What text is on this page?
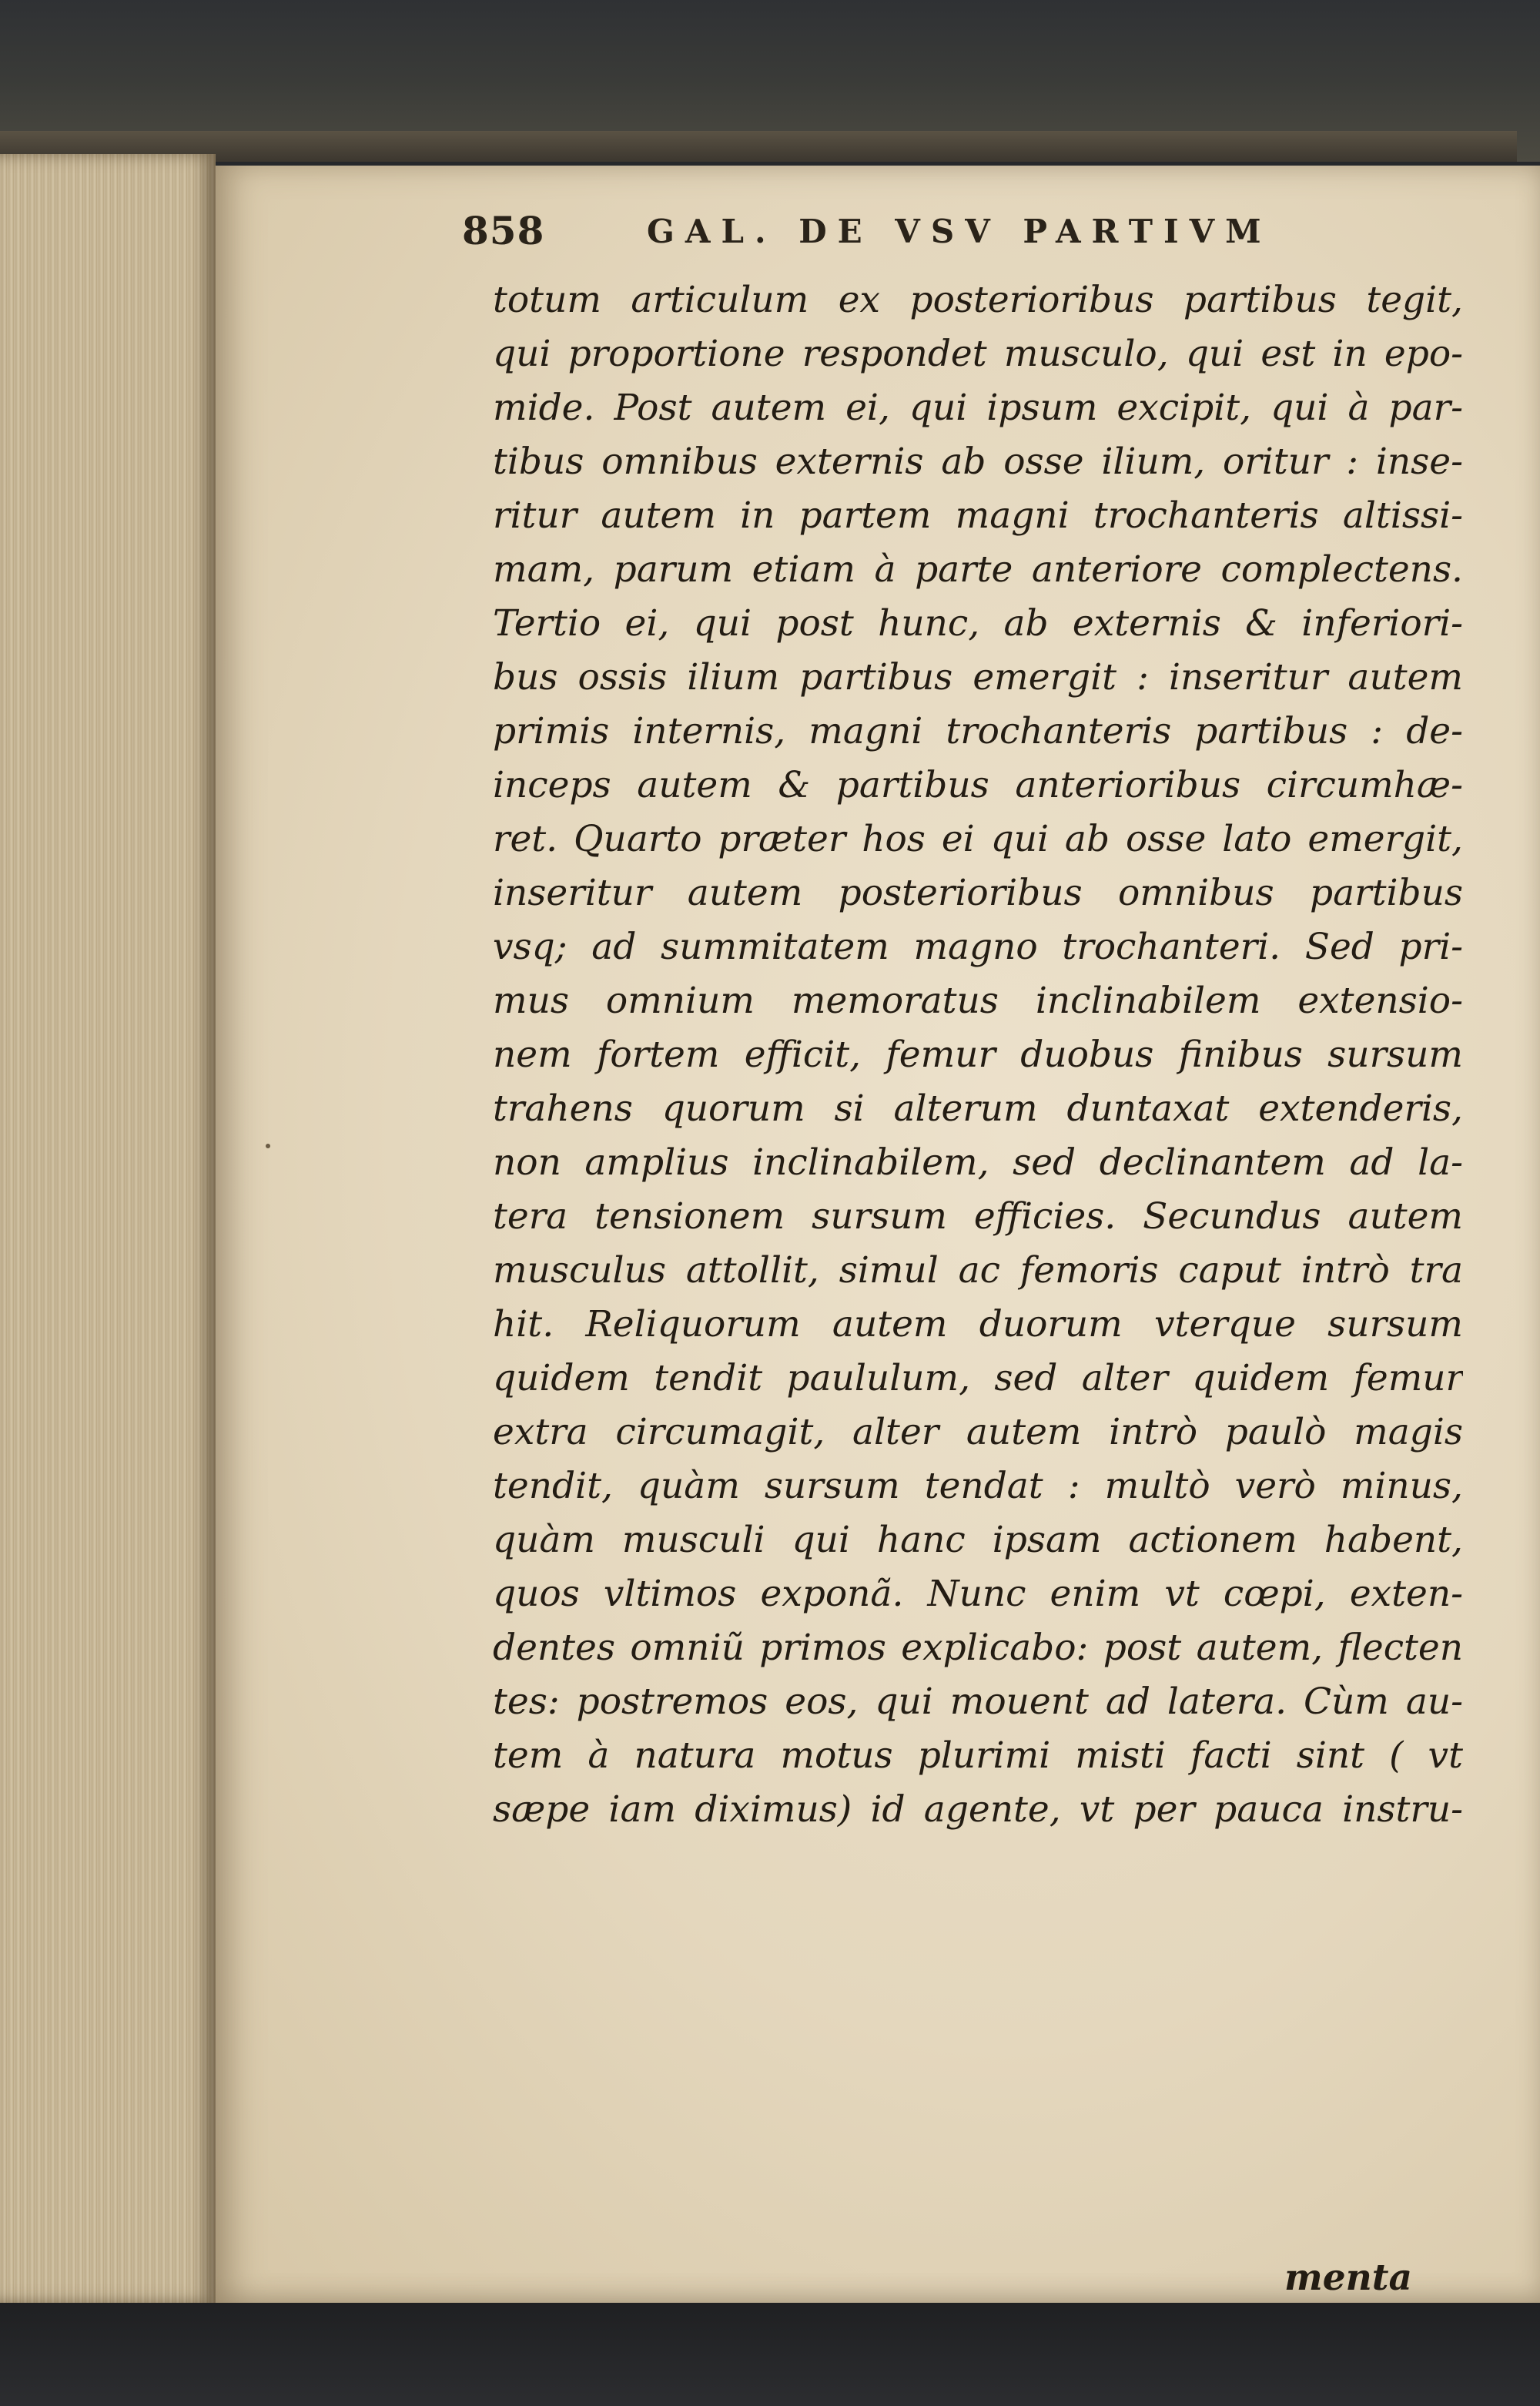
858	GAL. DE VSV PARTIVM
totum articulum ex posterioribus partibus tegit,
qui proportione respondet musculo, qui est in epo-
mide. Post autem ei, qui ipsum excipit, qui à par-
tibus omnibus externis ab osse ilium, oritur : inse-
ritur autem in partem magni trochanteris altissi-
mam, parum etiam à parte anteriore complectens.
Tertio ei, qui post hunc, ab externis & inferiori-
bus ossis ilium partibus emergit : inseritur autem
primis internis, magni trochanteris partibus : de-
inceps autem & partibus anterioribus circumhæ-
ret. Quarto præter hos ei qui ab osse lato emergit,
inseritur autem posterioribus omnibus partibus
vsq; ad summitatem magno trochanteri. Sed pri-
mus omnium memoratus inclinabilem extensio-
nem fortem efficit, femur duobus finibus sursum
trahens quorum si alterum duntaxat extenderis,
non amplius inclinabilem, sed declinantem ad la-
tera tensionem sursum efficies. Secundus autem
musculus attollit, simul ac femoris caput intrò tra
hit. Reliquorum autem duorum vterque sursum
quidem tendit paululum, sed alter quidem femur
extra circumagit, alter autem intrò paulò magis
tendit, quàm sursum tendat : multò verò minus,
quàm musculi qui hanc ipsam actionem habent,
quos vltimos exponã. Nunc enim vt cœpi, exten-
dentes omniũ primos explicabo: post autem, flecten
tes: postremos eos, qui mouent ad latera. Cùm au-
tem à natura motus plurimi misti facti sint ( vt
sæpe iam diximus) id agente, vt per pauca instru-
menta
